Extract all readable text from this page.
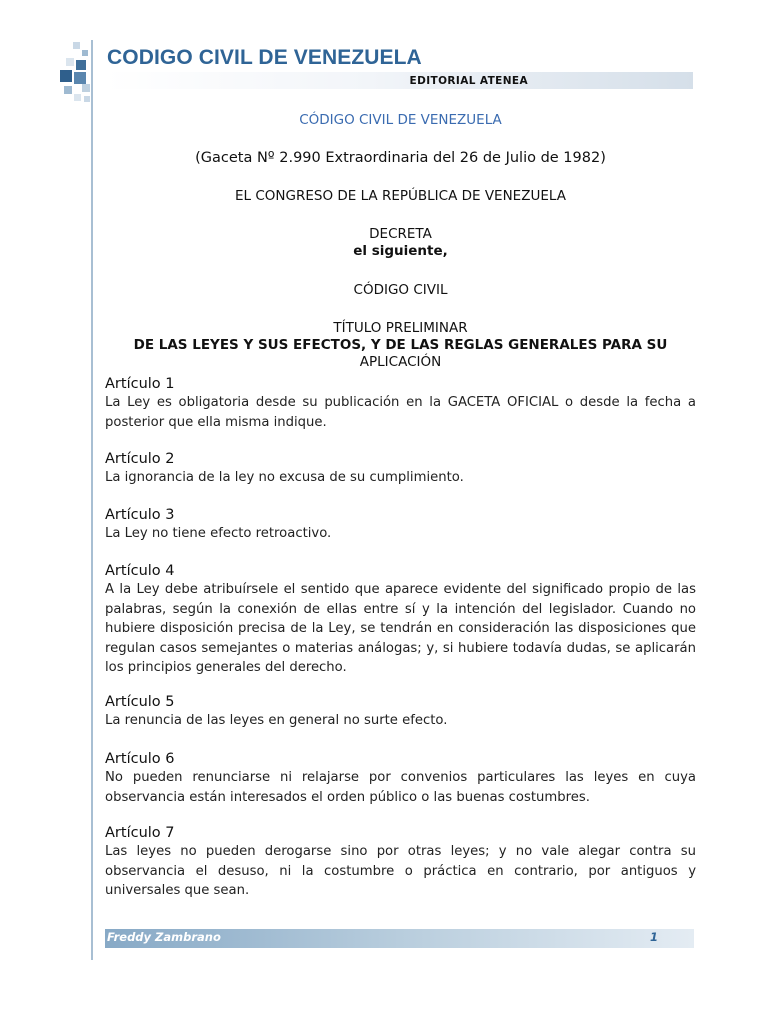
CODIGO CIVIL DE VENEZUELA
EDITORIAL ATENEA
CÓDIGO CIVIL DE VENEZUELA
(Gaceta Nº 2.990 Extraordinaria del 26 de Julio de 1982)
EL CONGRESO DE LA REPÚBLICA DE VENEZUELA
DECRETA
el siguiente,
CÓDIGO CIVIL
TÍTULO PRELIMINAR
DE LAS LEYES Y SUS EFECTOS, Y DE LAS REGLAS GENERALES PARA SU
APLICACIÓN
Artículo 1
La Ley es obligatoria desde su publicación en la GACETA OFICIAL o desde la fecha a posterior que ella misma indique.
Artículo 2
La ignorancia de la ley no excusa de su cumplimiento.
Artículo 3
La Ley no tiene efecto retroactivo.
Artículo 4
A la Ley debe atribuírsele el sentido que aparece evidente del significado propio de las palabras, según la conexión de ellas entre sí y la intención del legislador. Cuando no hubiere disposición precisa de la Ley, se tendrán en consideración las disposiciones que regulan casos semejantes o materias análogas; y, si hubiere todavía dudas, se aplicarán los principios generales del derecho.
Artículo 5
La renuncia de las leyes en general no surte efecto.
Artículo 6
No pueden renunciarse ni relajarse por convenios particulares las leyes en cuya observancia están interesados el orden público o las buenas costumbres.
Artículo 7
Las leyes no pueden derogarse sino por otras leyes; y no vale alegar contra su observancia el desuso, ni la costumbre o práctica en contrario, por antiguos y universales que sean.
Freddy Zambrano	1
